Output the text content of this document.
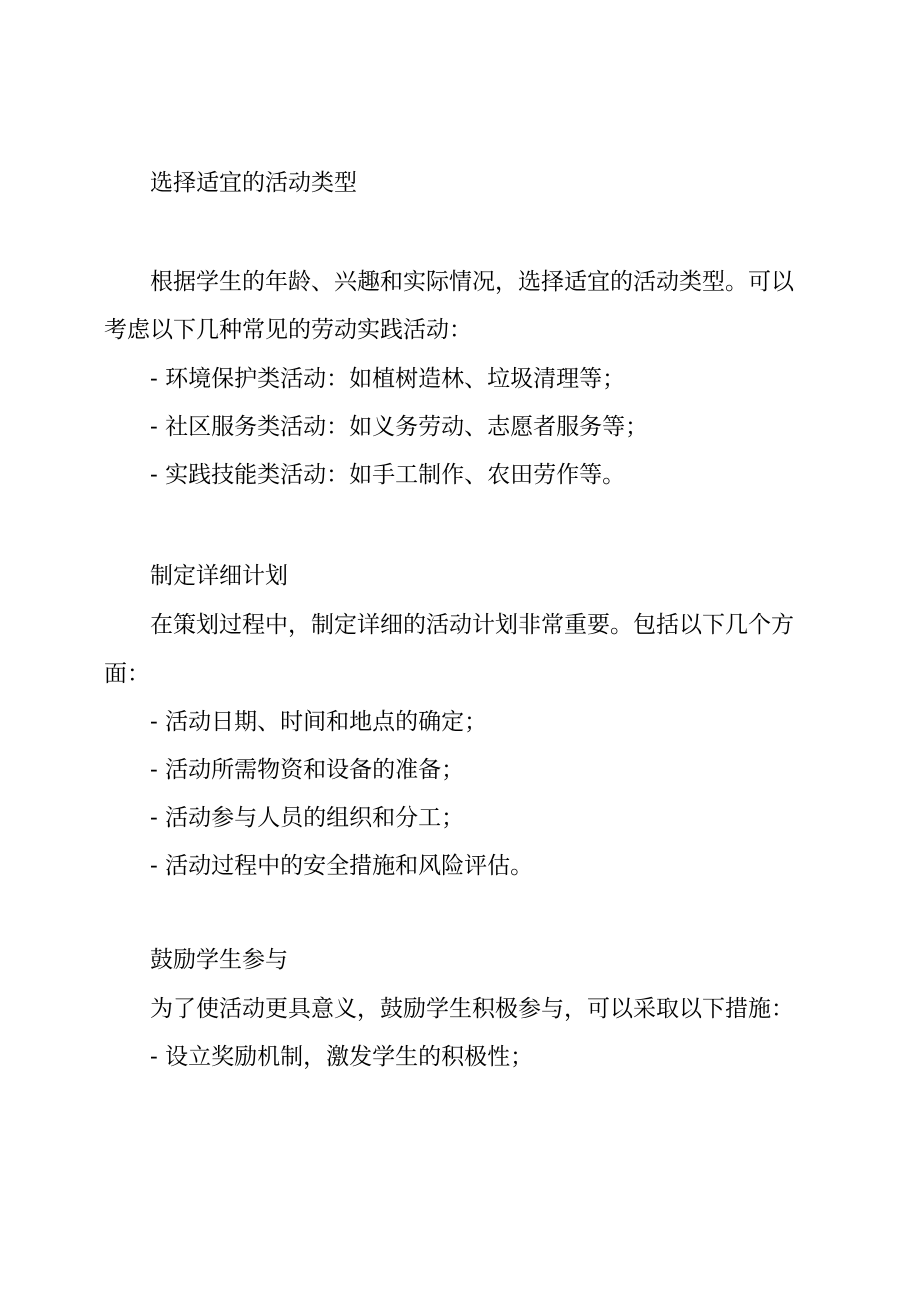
选择适宜的活动类型

根据学生的年龄、兴趣和实际情况，选择适宜的活动类型。可以

考虑以下几种常见的劳动实践活动：

- 环境保护类活动：如植树造林、垃圾清理等；

- 社区服务类活动：如义务劳动、志愿者服务等；

- 实践技能类活动：如手工制作、农田劳作等。

制定详细计划

在策划过程中，制定详细的活动计划非常重要。包括以下几个方

面：

- 活动日期、时间和地点的确定；

- 活动所需物资和设备的准备；

- 活动参与人员的组织和分工；

- 活动过程中的安全措施和风险评估。

鼓励学生参与

为了使活动更具意义，鼓励学生积极参与，可以采取以下措施：

- 设立奖励机制，激发学生的积极性；
